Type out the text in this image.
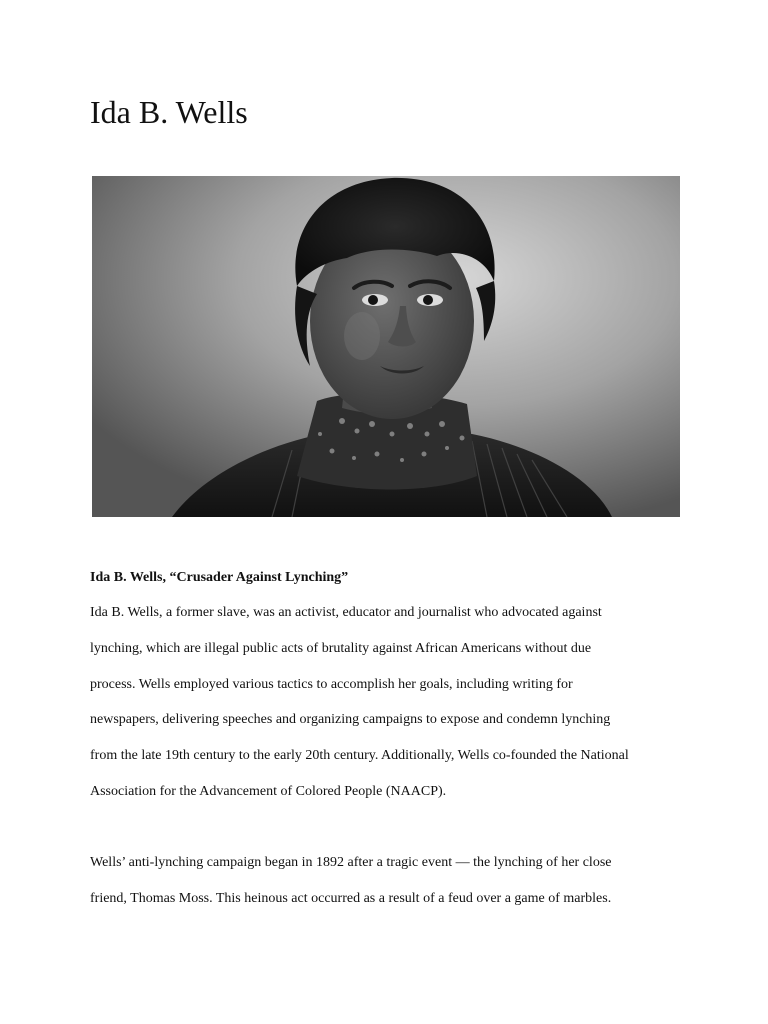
Ida B. Wells

Ida B. Wells, “Crusader Against Lynching”

Ida B. Wells, a former slave, was an activist, educator and journalist who advocated against
lynching, which are illegal public acts of brutality against African Americans without due
process. Wells employed various tactics to accomplish her goals, including writing for
newspapers, delivering speeches and organizing campaigns to expose and condemn lynching
from the late 19th century to the early 20th century. Additionally, Wells co-founded the National
Association for the Advancement of Colored People (NAACP).

Wells’ anti-lynching campaign began in 1892 after a tragic event — the lynching of her close
friend, Thomas Moss. This heinous act occurred as a result of a feud over a game of marbles.
